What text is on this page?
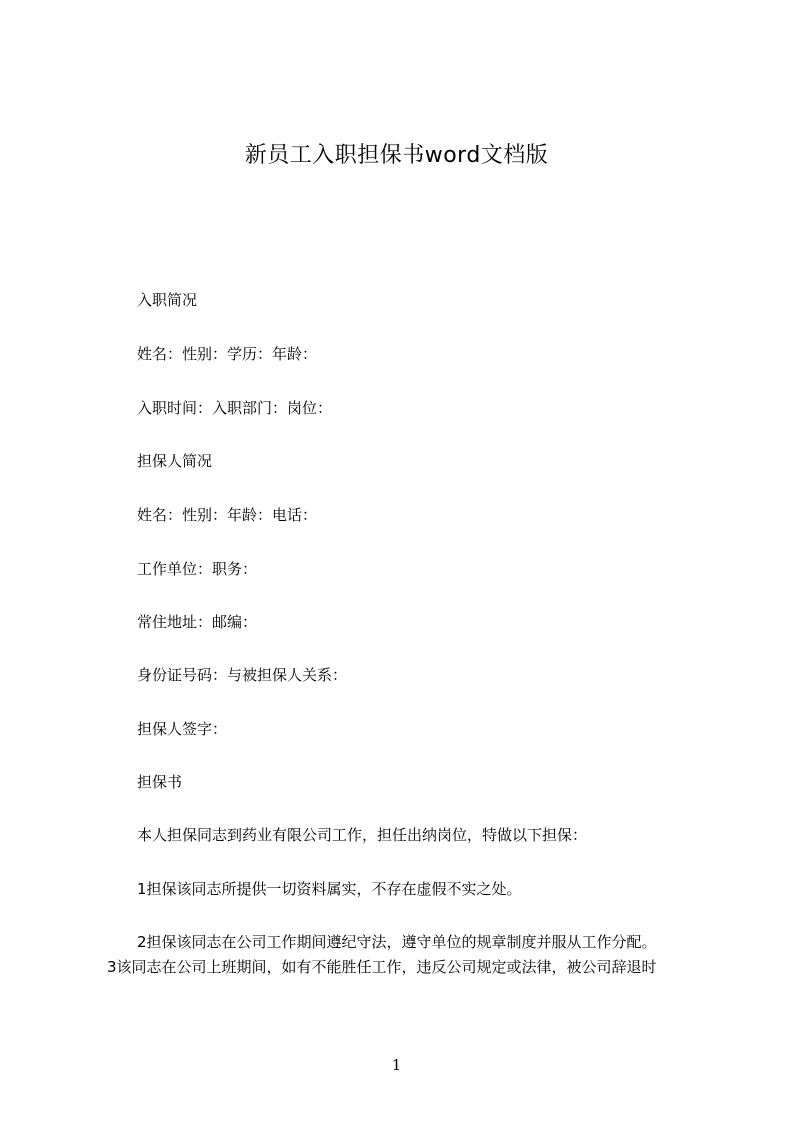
新员工入职担保书word文档版
入职简况
姓名：性别：学历：年龄：
入职时间：入职部门：岗位：
担保人简况
姓名：性别：年龄：电话：
工作单位：职务：
常住地址：邮编：
身份证号码：与被担保人关系：
担保人签字：
担保书
本人担保同志到药业有限公司工作，担任出纳岗位，特做以下担保：
1担保该同志所提供一切资料属实，不存在虚假不实之处。
2担保该同志在公司工作期间遵纪守法，遵守单位的规章制度并服从工作分配。
3该同志在公司上班期间，如有不能胜任工作，违反公司规定或法律，被公司辞退时
1
